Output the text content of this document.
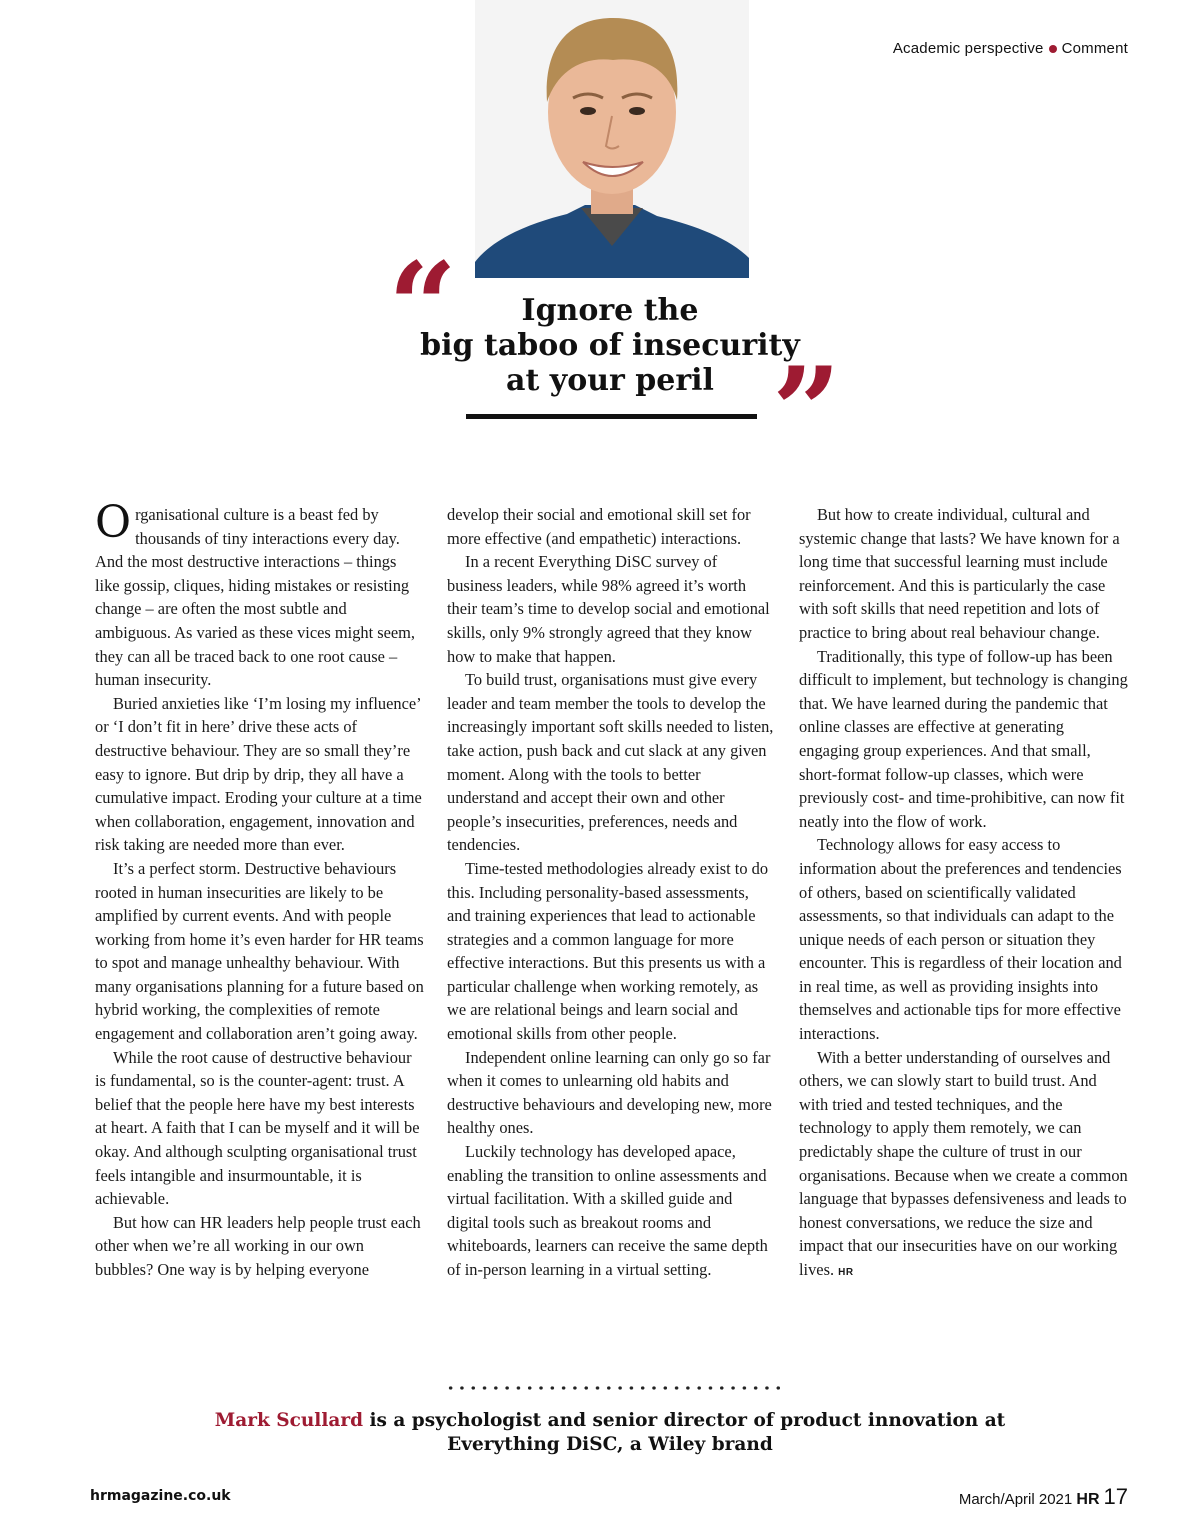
Academic perspective Comment
“	Ignore the
big taboo of insecurity
at your peril ”

Organisational culture is a beast fed by thousands of tiny interactions every day. And the most destructive interactions – things like gossip, cliques, hiding mistakes or resisting change – are often the most subtle and ambiguous. As varied as these vices might seem, they can all be traced back to one root cause – human insecurity.

Buried anxieties like ‘I’m losing my influence’ or ‘I don’t fit in here’ drive these acts of destructive behaviour. They are so small they’re easy to ignore. But drip by drip, they all have a cumulative impact. Eroding your culture at a time when collaboration, engagement, innovation and risk taking are needed more than ever.

It’s a perfect storm. Destructive behaviours rooted in human insecurities are likely to be amplified by current events. And with people working from home it’s even harder for HR teams to spot and manage unhealthy behaviour. With many organisations planning for a future based on hybrid working, the complexities of remote engagement and collaboration aren’t going away.

While the root cause of destructive behaviour is fundamental, so is the counter-agent: trust. A belief that the people here have my best interests at heart. A faith that I can be myself and it will be okay. And although sculpting organisational trust feels intangible and insurmountable, it is achievable.

But how can HR leaders help people trust each other when we’re all working in our own bubbles? One way is by helping everyone

develop their social and emotional skill set for more effective (and empathetic) interactions.

In a recent Everything DiSC survey of business leaders, while 98% agreed it’s worth their team’s time to develop social and emotional skills, only 9% strongly agreed that they know how to make that happen.

To build trust, organisations must give every leader and team member the tools to develop the increasingly important soft skills needed to listen, take action, push back and cut slack at any given moment. Along with the tools to better understand and accept their own and other people’s insecurities, preferences, needs and tendencies.

Time-tested methodologies already exist to do this. Including personality-based assessments, and training experiences that lead to actionable strategies and a common language for more effective interactions. But this presents us with a particular challenge when working remotely, as we are relational beings and learn social and emotional skills from other people.

Independent online learning can only go so far when it comes to unlearning old habits and destructive behaviours and developing new, more healthy ones.

Luckily technology has developed apace, enabling the transition to online assessments and virtual facilitation. With a skilled guide and digital tools such as breakout rooms and whiteboards, learners can receive the same depth of in-person learning in a virtual setting.

But how to create individual, cultural and systemic change that lasts? We have known for a long time that successful learning must include reinforcement. And this is particularly the case with soft skills that need repetition and lots of practice to bring about real behaviour change.

Traditionally, this type of follow-up has been difficult to implement, but technology is changing that. We have learned during the pandemic that online classes are effective at generating engaging group experiences. And that small, short-format follow-up classes, which were previously cost- and time-prohibitive, can now fit neatly into the flow of work.

Technology allows for easy access to information about the preferences and tendencies of others, based on scientifically validated assessments, so that individuals can adapt to the unique needs of each person or situation they encounter. This is regardless of their location and in real time, as well as providing insights into themselves and actionable tips for more effective interactions.

With a better understanding of ourselves and others, we can slowly start to build trust. And with tried and tested techniques, and the technology to apply them remotely, we can predictably shape the culture of trust in our organisations. Because when we create a common language that bypasses defensiveness and leads to honest conversations, we reduce the size and impact that our insecurities have on our working lives. HR

Mark Scullard is a psychologist and senior director of product innovation at
Everything DiSC, a Wiley brand
hrmagazine.co.uk	March/April 2021 HR 17
